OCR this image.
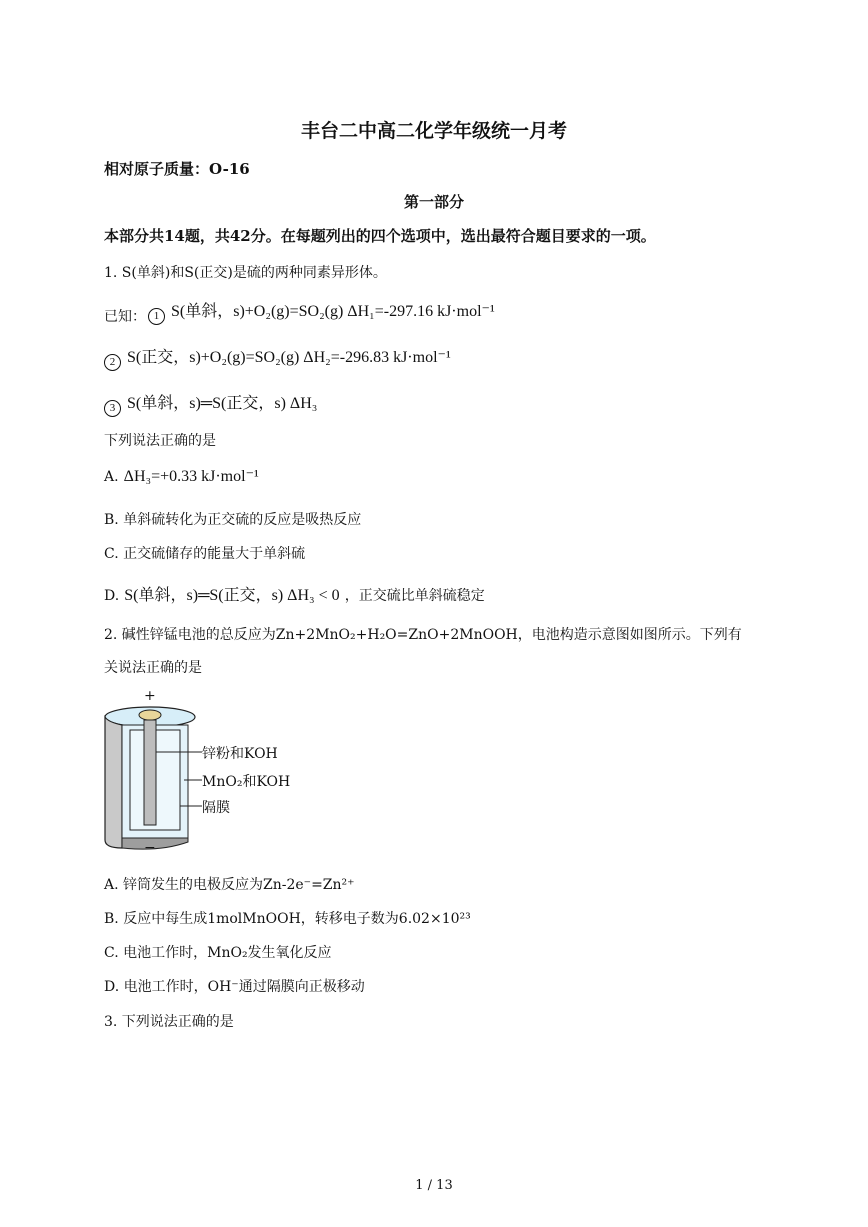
丰台二中高二化学年级统一月考
相对原子质量：O-16
第一部分
本部分共14题，共42分。在每题列出的四个选项中，选出最符合题目要求的一项。
1. S(单斜)和S(正交)是硫的两种同素异形体。
已知： 1 S(单斜，s)+O₂(g)=SO₂(g) ΔH₁=-297.16 kJ·mol⁻¹
2 S(正交，s)+O₂(g)=SO₂(g) ΔH₂=-296.83 kJ·mol⁻¹
3 S(单斜，s)═S(正交，s) ΔH₃
下列说法正确的是
A. ΔH₃=+0.33 kJ·mol⁻¹
B. 单斜硫转化为正交硫的反应是吸热反应
C. 正交硫储存的能量大于单斜硫
D. S(单斜，s)═S(正交，s) ΔH₃ < 0 ，正交硫比单斜硫稳定
2. 碱性锌锰电池的总反应为Zn+2MnO₂+H₂O=ZnO+2MnOOH，电池构造示意图如图所示。下列有
关说法正确的是
+
−
锌粉和KOH
MnO₂和KOH
隔膜
A. 锌筒发生的电极反应为Zn-2e⁻=Zn²⁺
B. 反应中每生成1molMnOOH，转移电子数为6.02×10²³
C. 电池工作时，MnO₂发生氧化反应
D. 电池工作时，OH⁻通过隔膜向正极移动
3. 下列说法正确的是
1 / 13
